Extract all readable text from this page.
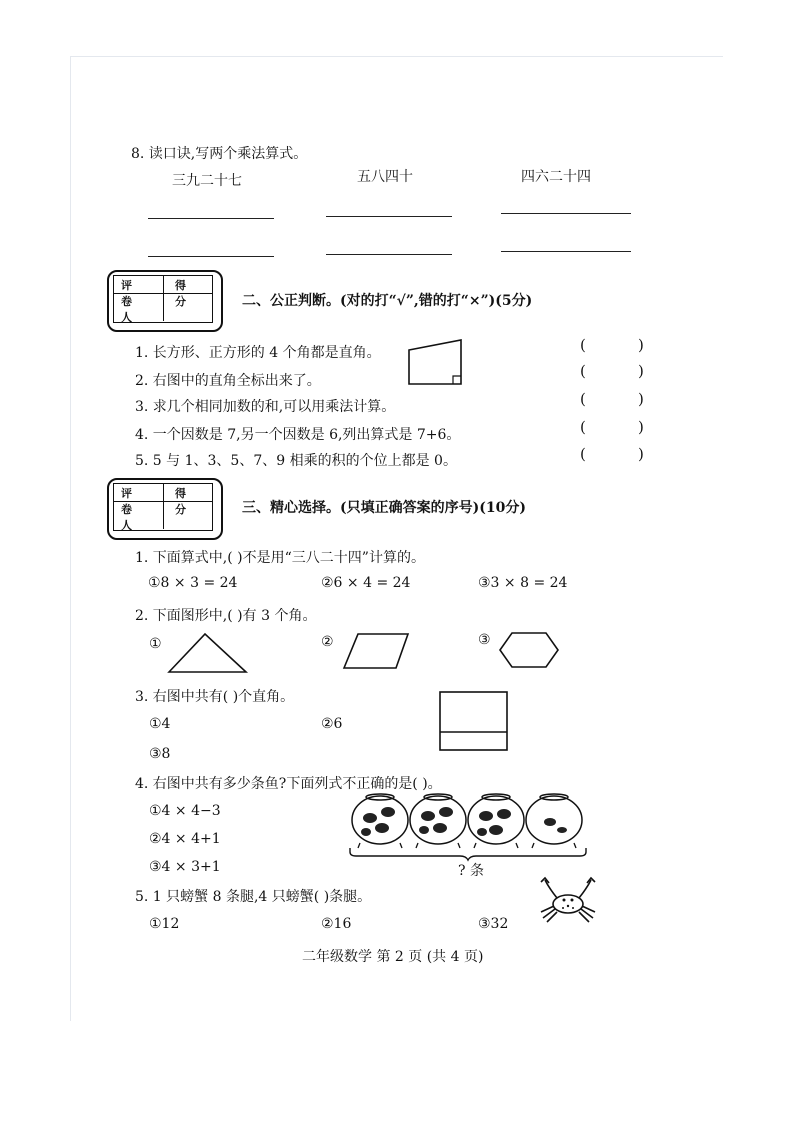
8. 读口诀,写两个乘法算式。
三九二十七	五八四十	四六二十四
评卷人
得 分	二、公正判断。(对的打“√”,错的打“×”)(5分)
1. 长方形、正方形的 4 个角都是直角。
2. 右图中的直角全标出来了。
3. 求几个相同加数的和,可以用乘法计算。
4. 一个因数是 7,另一个因数是 6,列出算式是 7+6。
5. 5 与 1、3、5、7、9 相乘的积的个位上都是 0。
(	)
(	)
(	)
(	)
(	)
评卷人
得 分	三、精心选择。(只填正确答案的序号)(10分)
1. 下面算式中,( )不是用“三八二十四”计算的。
①8 × 3 = 24	②6 × 4 = 24	③3 × 8 = 24
2. 下面图形中,( )有 3 个角。
①	②	③
3. 右图中共有( )个直角。
①4	②6
③8
4. 右图中共有多少条鱼?下面列式不正确的是( )。
①4 × 4−3
②4 × 4+1
③4 × 3+1	? 条
5. 1 只螃蟹 8 条腿,4 只螃蟹( )条腿。
①12	②16	③32
二年级数学 第 2 页 (共 4 页)
